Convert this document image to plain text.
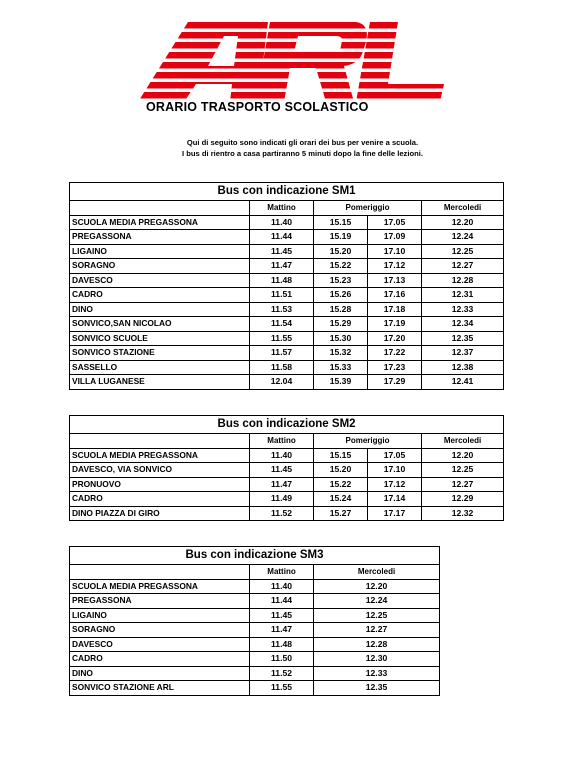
ORARIO TRASPORTO SCOLASTICO
Qui di seguito sono indicati gli orari dei bus per venire a scuola.
I bus di rientro a casa partiranno 5 minuti dopo la fine delle lezioni.
Bus con indicazione SM1				
	Mattino	Pomeriggio		Mercoledi
SCUOLA MEDIA PREGASSONA	11.40	15.15	17.05	12.20
PREGASSONA	11.44	15.19	17.09	12.24
LIGAINO	11.45	15.20	17.10	12.25
SORAGNO	11.47	15.22	17.12	12.27
DAVESCO	11.48	15.23	17.13	12.28
CADRO	11.51	15.26	17.16	12.31
DINO	11.53	15.28	17.18	12.33
SONVICO,SAN NICOLAO	11.54	15.29	17.19	12.34
SONVICO SCUOLE	11.55	15.30	17.20	12.35
SONVICO STAZIONE	11.57	15.32	17.22	12.37
SASSELLO	11.58	15.33	17.23	12.38
VILLA LUGANESE	12.04	15.39	17.29	12.41
Bus con indicazione SM2				
	Mattino	Pomeriggio		Mercoledi
SCUOLA MEDIA PREGASSONA	11.40	15.15	17.05	12.20
DAVESCO, VIA SONVICO	11.45	15.20	17.10	12.25
PRONUOVO	11.47	15.22	17.12	12.27
CADRO	11.49	15.24	17.14	12.29
DINO PIAZZA DI GIRO	11.52	15.27	17.17	12.32
Bus con indicazione SM3		
	Mattino	Mercoledi
SCUOLA MEDIA PREGASSONA	11.40	12.20
PREGASSONA	11.44	12.24
LIGAINO	11.45	12.25
SORAGNO	11.47	12.27
DAVESCO	11.48	12.28
CADRO	11.50	12.30
DINO	11.52	12.33
SONVICO STAZIONE ARL	11.55	12.35
